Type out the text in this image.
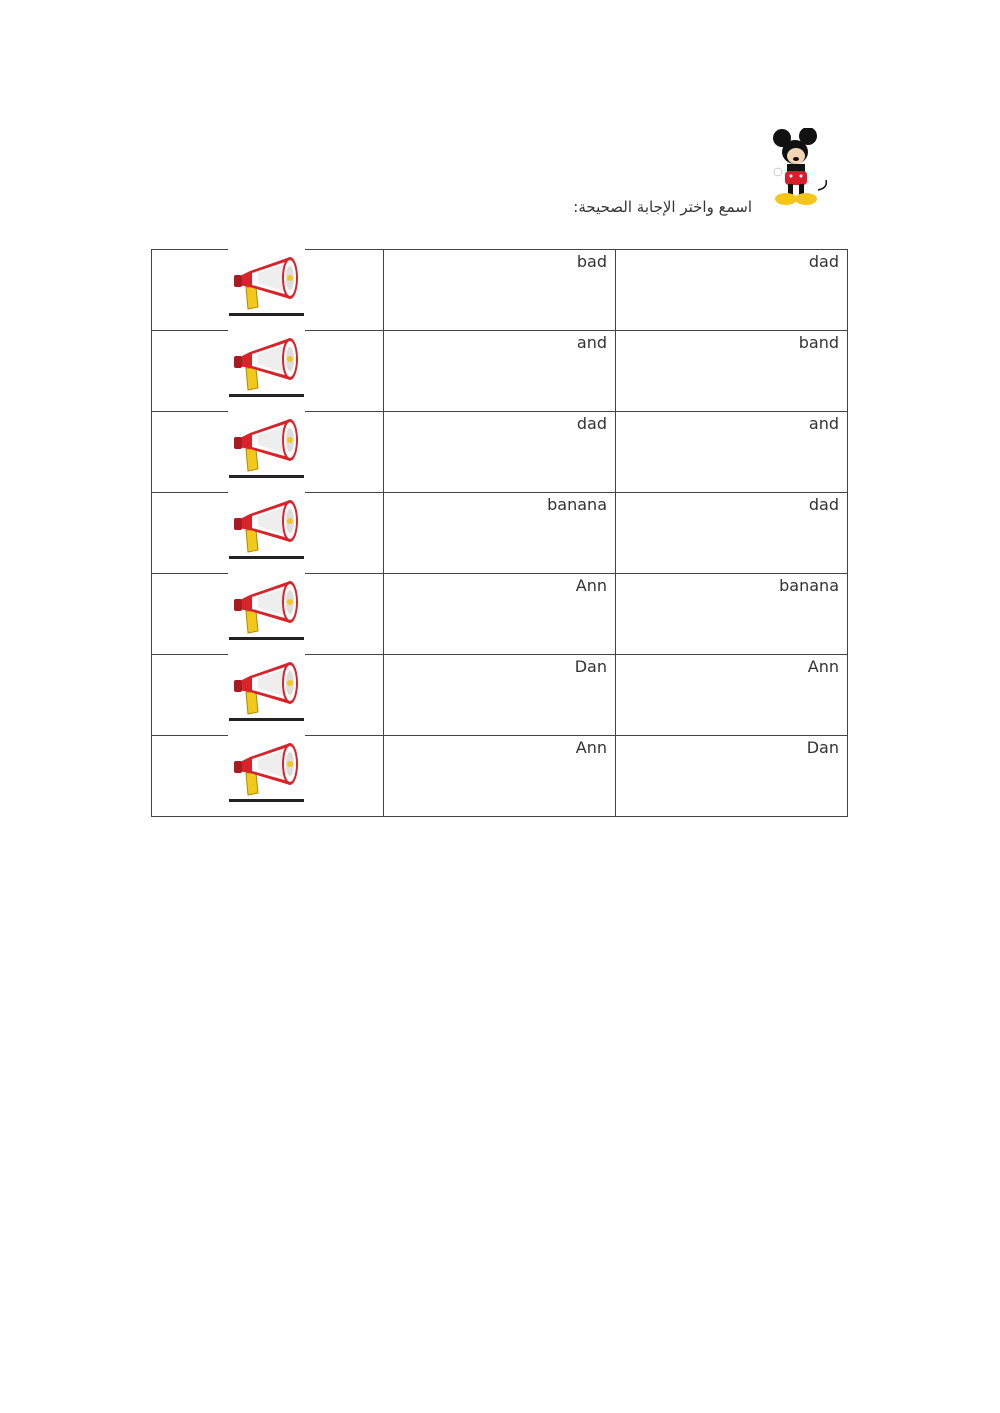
اسمع واختر الإجابة الصحيحة:
	bad	dad

	and	band

	dad	and

	banana	dad

	Ann	banana

	Dan	Ann

	Ann	Dan
